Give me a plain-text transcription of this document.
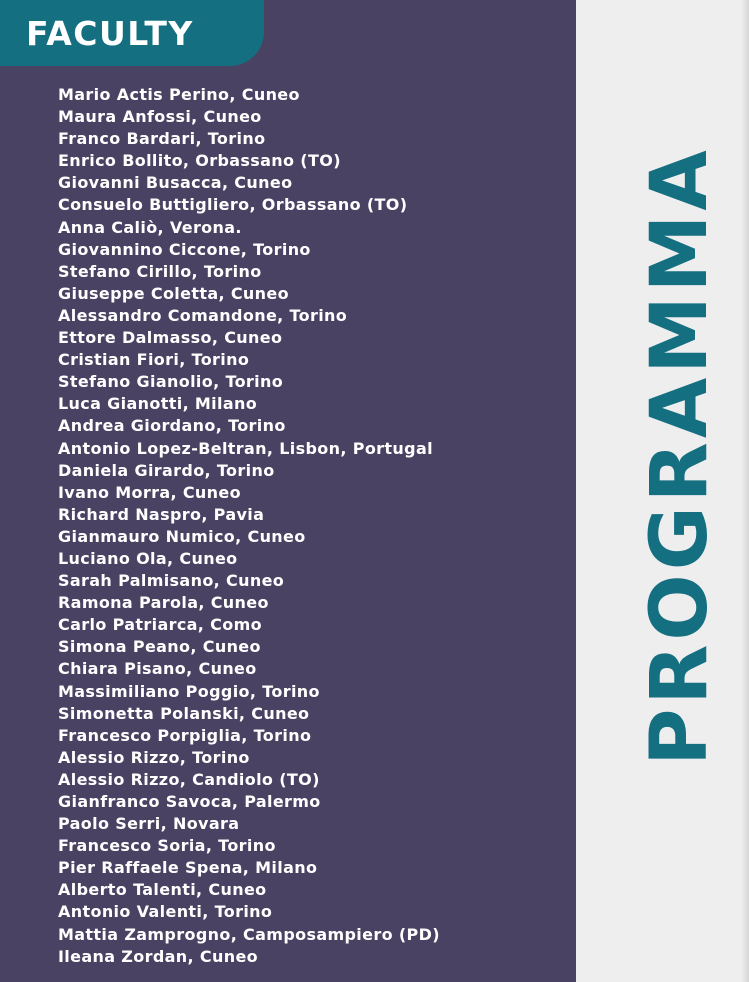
FACULTY
Mario Actis Perino, Cuneo
Maura Anfossi, Cuneo
Franco Bardari, Torino
Enrico Bollito, Orbassano (TO)
Giovanni Busacca, Cuneo
Consuelo Buttigliero, Orbassano (TO)
Anna Caliò, Verona.
Giovannino Ciccone, Torino
Stefano Cirillo, Torino
Giuseppe Coletta, Cuneo
Alessandro Comandone, Torino
Ettore Dalmasso, Cuneo
Cristian Fiori, Torino
Stefano Gianolio, Torino
Luca Gianotti, Milano
Andrea Giordano, Torino
Antonio Lopez-Beltran, Lisbon, Portugal
Daniela Girardo, Torino
Ivano Morra, Cuneo
Richard Naspro, Pavia
Gianmauro Numico, Cuneo
Luciano Ola, Cuneo
Sarah Palmisano, Cuneo
Ramona Parola, Cuneo
Carlo Patriarca, Como
Simona Peano, Cuneo
Chiara Pisano, Cuneo
Massimiliano Poggio, Torino
Simonetta Polanski, Cuneo
Francesco Porpiglia, Torino
Alessio Rizzo, Torino
Alessio Rizzo, Candiolo (TO)
Gianfranco Savoca, Palermo
Paolo Serri, Novara
Francesco Soria, Torino
Pier Raffaele Spena, Milano
Alberto Talenti, Cuneo
Antonio Valenti, Torino
Mattia Zamprogno, Camposampiero (PD)
Ileana Zordan, Cuneo
PROGRAMMA
